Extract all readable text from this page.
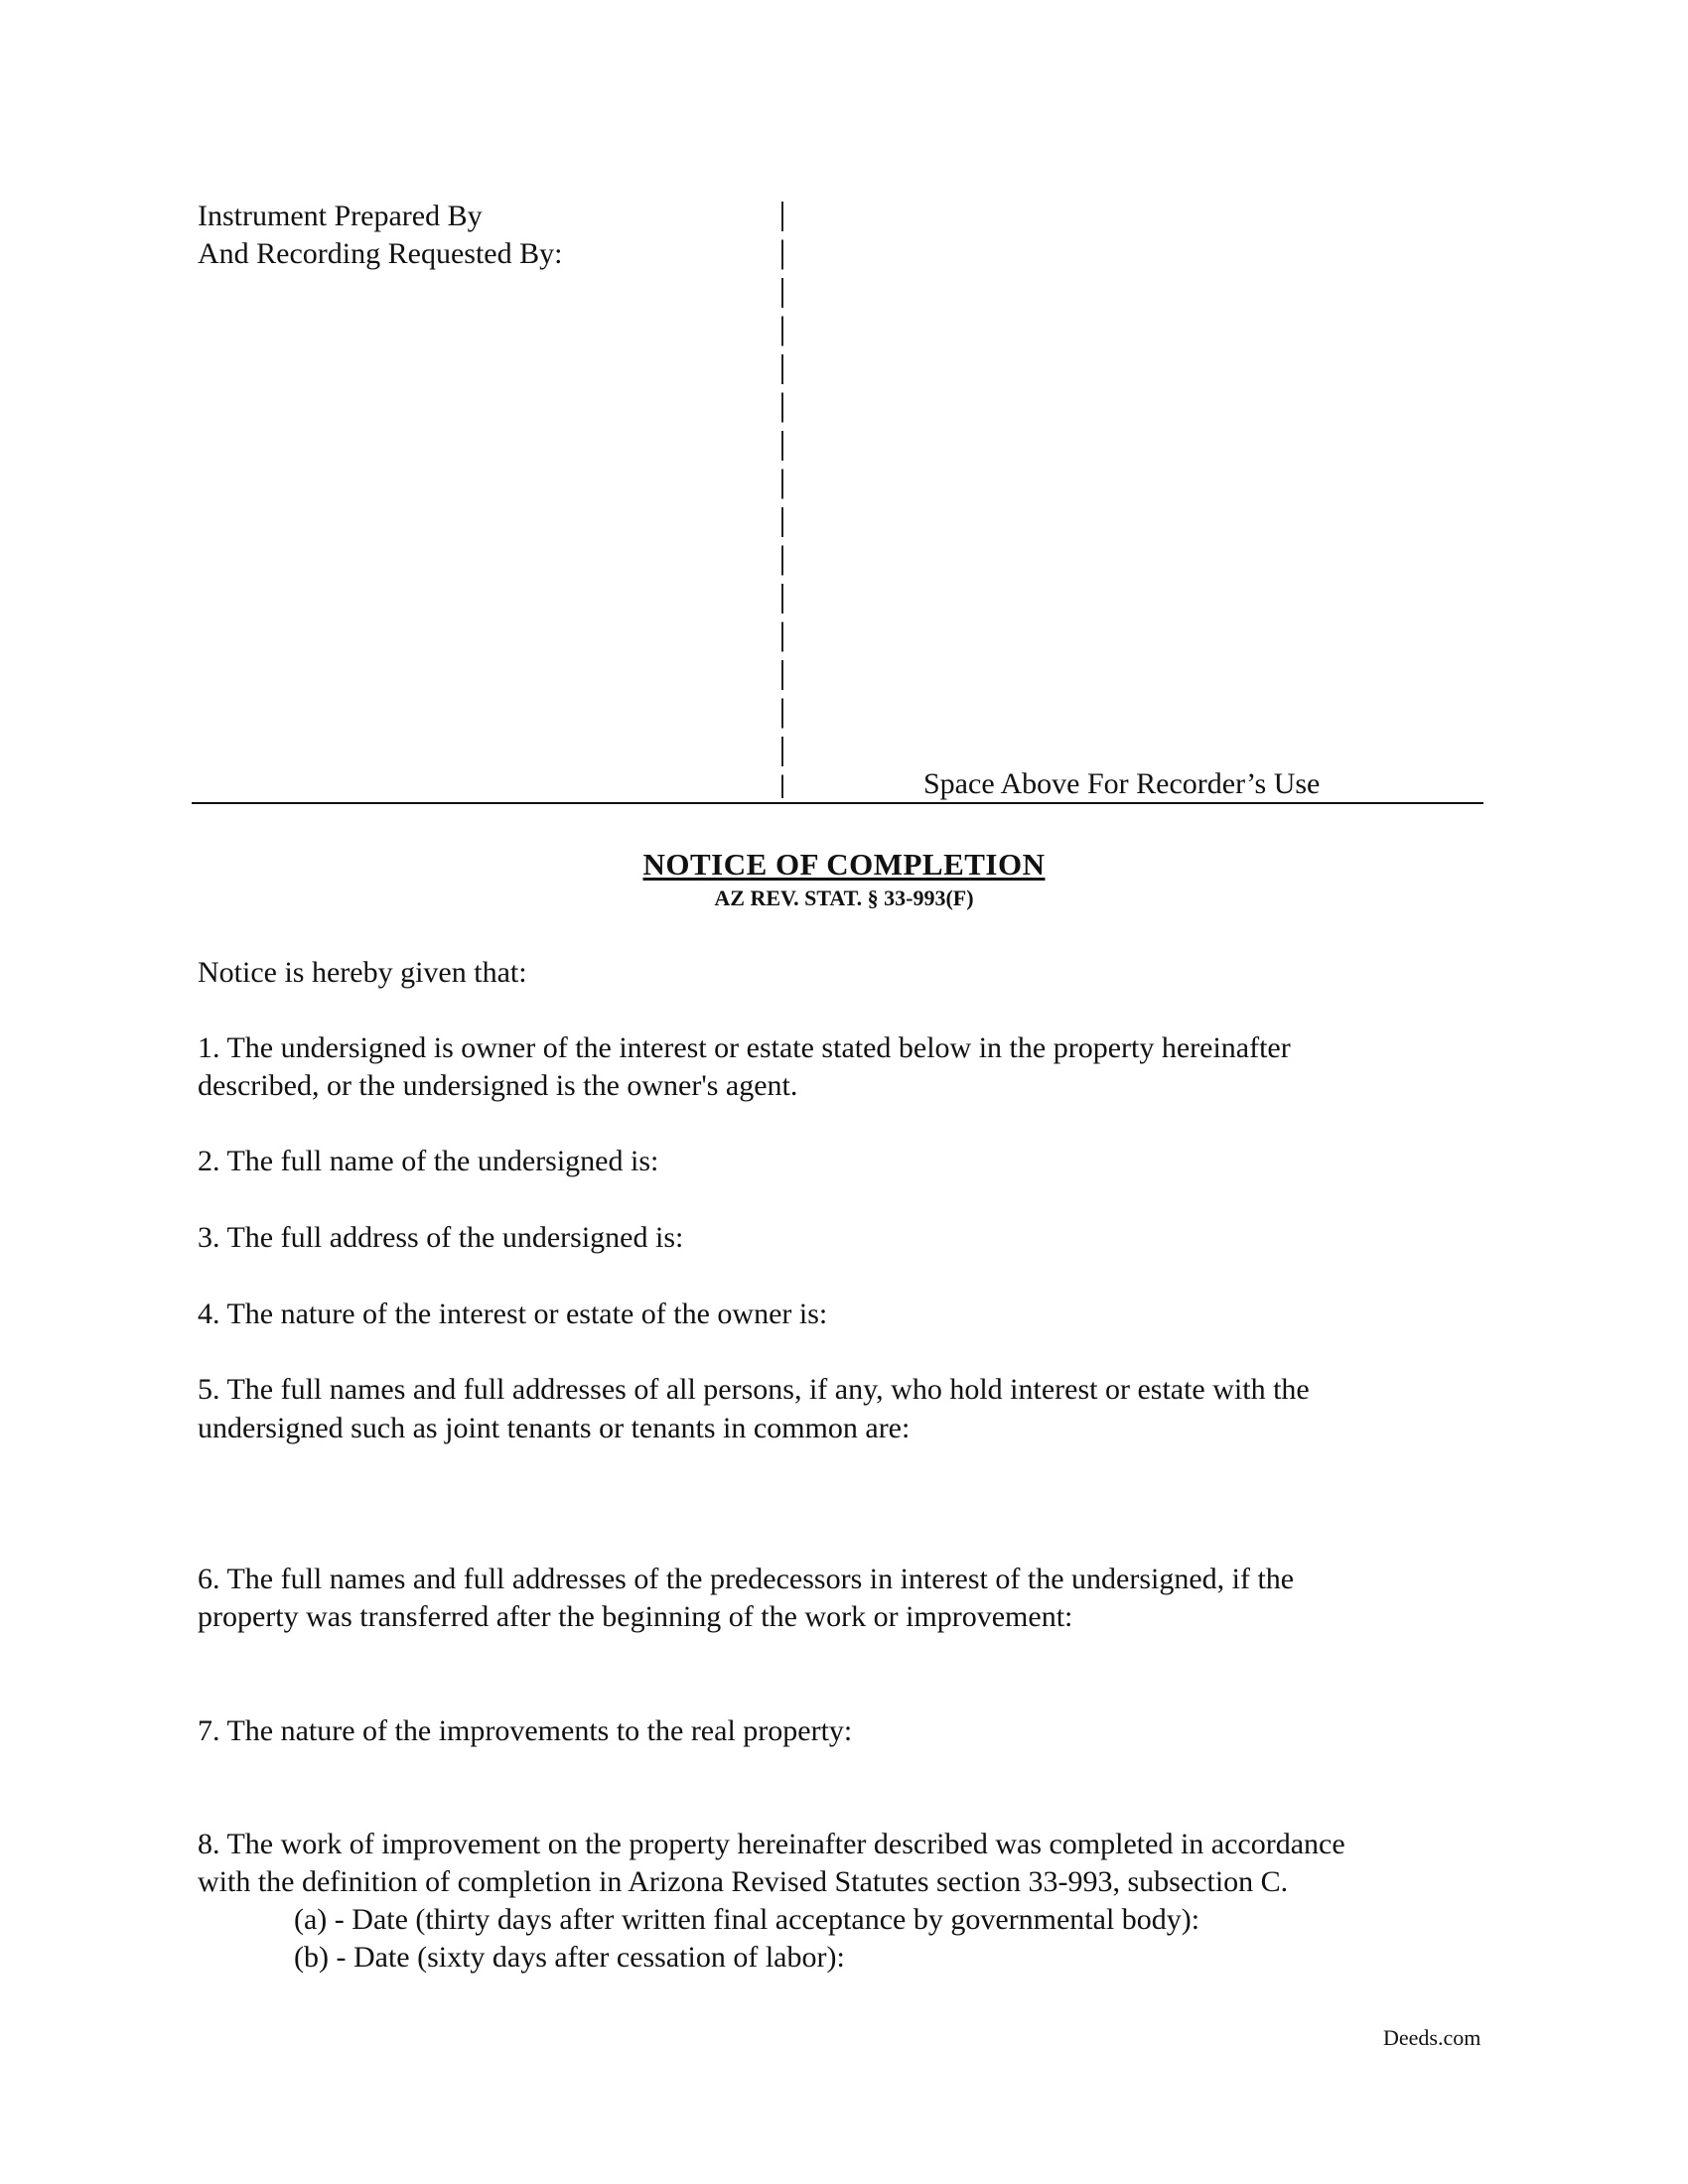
Instrument Prepared By
And Recording Requested By:
Space Above For Recorder’s Use
NOTICE OF COMPLETION
AZ REV. STAT. § 33-993(F)
Notice is hereby given that:
1. The undersigned is owner of the interest or estate stated below in the property hereinafter
described, or the undersigned is the owner's agent.
2. The full name of the undersigned is:
3. The full address of the undersigned is:
4. The nature of the interest or estate of the owner is:
5. The full names and full addresses of all persons, if any, who hold interest or estate with the
undersigned such as joint tenants or tenants in common are:
6. The full names and full addresses of the predecessors in interest of the undersigned, if the
property was transferred after the beginning of the work or improvement:
7. The nature of the improvements to the real property:
8. The work of improvement on the property hereinafter described was completed in accordance
with the definition of completion in Arizona Revised Statutes section 33-993, subsection C.
(a) - Date (thirty days after written final acceptance by governmental body):
(b) - Date (sixty days after cessation of labor):
Deeds.com
